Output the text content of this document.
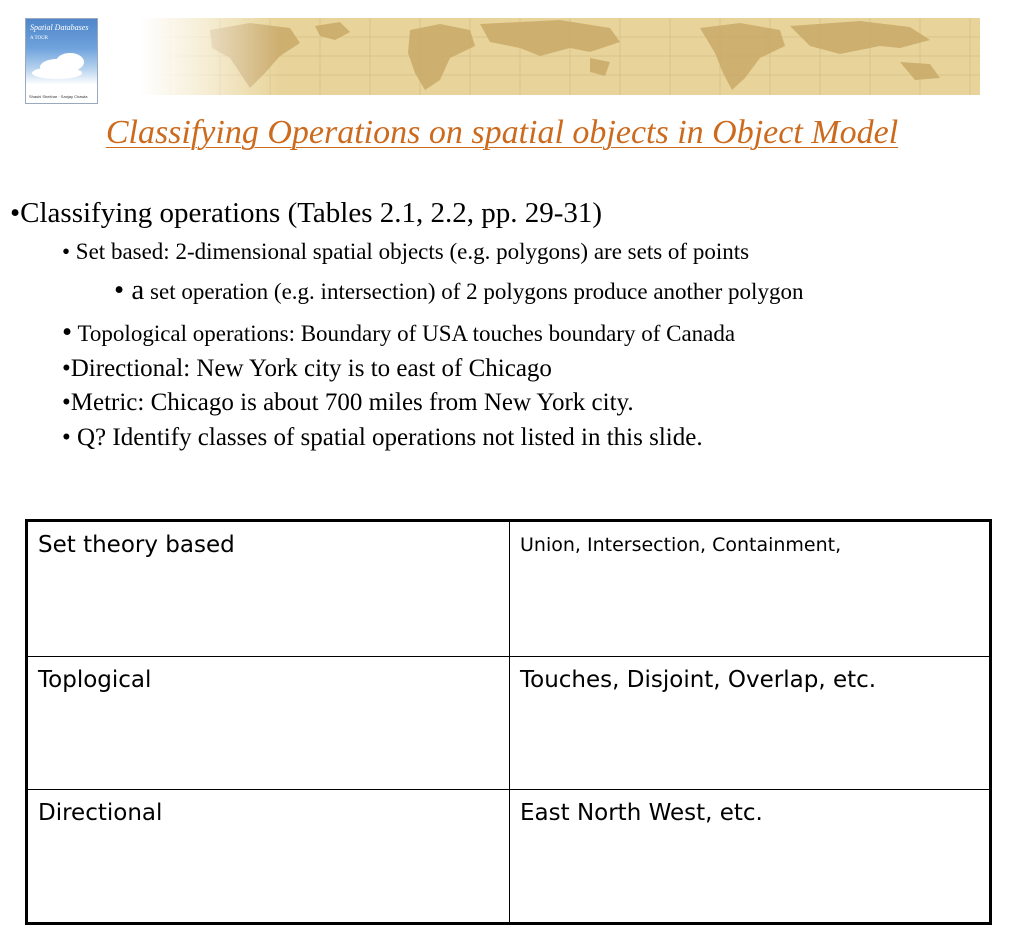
Spatial Databases
A TOUR
Shashi Shekhar · Sanjay Chawla
Classifying Operations on spatial objects in Object Model
•Classifying operations (Tables 2.1, 2.2, pp. 29-31)
• Set based: 2-dimensional spatial objects (e.g. polygons) are sets of points
• a set operation (e.g. intersection) of 2 polygons produce another polygon
• Topological operations: Boundary of USA touches boundary of Canada
•Directional: New York city is to east of Chicago
•Metric: Chicago is about 700 miles from New York city.
• Q? Identify classes of spatial operations not listed in this slide.
Set theory based	Union, Intersection, Containment,
Toplogical	Touches, Disjoint, Overlap, etc.
Directional	East North West, etc.
